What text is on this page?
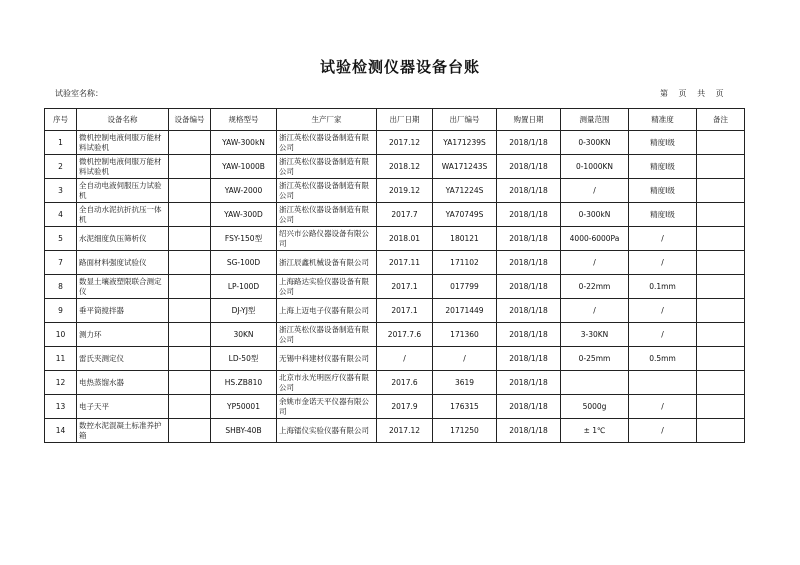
试验检测仪器设备台账
试验室名称：	第 页 共 页
序号	设备名称	设备编号	规格型号	生产厂家	出厂日期	出厂编号	购置日期	测量范围	精准度	备注
1	微机控制电液伺服万能材料试验机		YAW-300kN	浙江英松仪器设备制造有限公司	2017.12	YA171239S	2018/1/18	0-300KN	精度Ⅰ级	
2	微机控制电液伺服万能材料试验机		YAW-1000B	浙江英松仪器设备制造有限公司	2018.12	WA171243S	2018/1/18	0-1000KN	精度Ⅰ级	
3	全自动电液伺服压力试验机		YAW-2000	浙江英松仪器设备制造有限公司	2019.12	YA71224S	2018/1/18	/	精度Ⅰ级	
4	全自动水泥抗折抗压一体机		YAW-300D	浙江英松仪器设备制造有限公司	2017.7	YA70749S	2018/1/18	0-300kN	精度Ⅰ级	
5	水泥细度负压筛析仪		FSY-150型	绍兴市公路仪器设备有限公司	2018.01	180121	2018/1/18	4000-6000Pa	/	
7	路面材料强度试验仪		SG-100D	浙江辰鑫机械设备有限公司	2017.11	171102	2018/1/18	/	/	
8	数显土壤液塑限联合测定仪		LP-100D	上海路达实验仪器设备有限公司	2017.1	017799	2018/1/18	0-22mm	0.1mm	
9	垂平筒搅拌器		DJ-YJ型	上海上迈电子仪器有限公司	2017.1	20171449	2018/1/18	/	/	
10	测力环		30KN	浙江英松仪器设备制造有限公司	2017.7.6	171360	2018/1/18	3-30KN	/	
11	雷氏夹测定仪		LD-50型	无锡中科建材仪器有限公司	/	/	2018/1/18	0-25mm	0.5mm	
12	电热蒸馏水器		HS.ZB810	北京市永光明医疗仪器有限公司	2017.6	3619	2018/1/18			
13	电子天平		YP50001	余姚市金诺天平仪器有限公司	2017.9	176315	2018/1/18	5000g	/	
14	数控水泥混凝土标准养护箱		SHBY-40B	上海镭仪实验仪器有限公司	2017.12	171250	2018/1/18	± 1℃	/	
